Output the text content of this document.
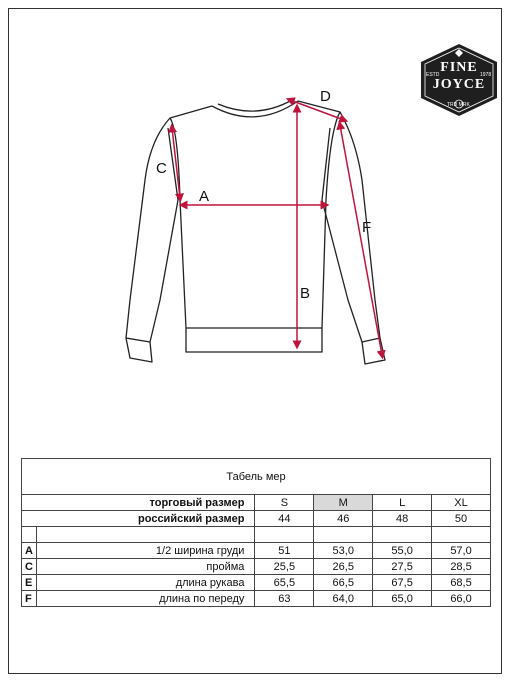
A
B
C
D
F
FINE
JOYCE
ESTD	1978
TRD MRK
Табель мер					
торговый размер		S	M	L	XL
российский размер		44	46	48	50

A	1/2 ширина груди	51	53,0	55,0	57,0
C	пройма	25,5	26,5	27,5	28,5
E	длина рукава	65,5	66,5	67,5	68,5
F	длина по переду	63	64,0	65,0	66,0
